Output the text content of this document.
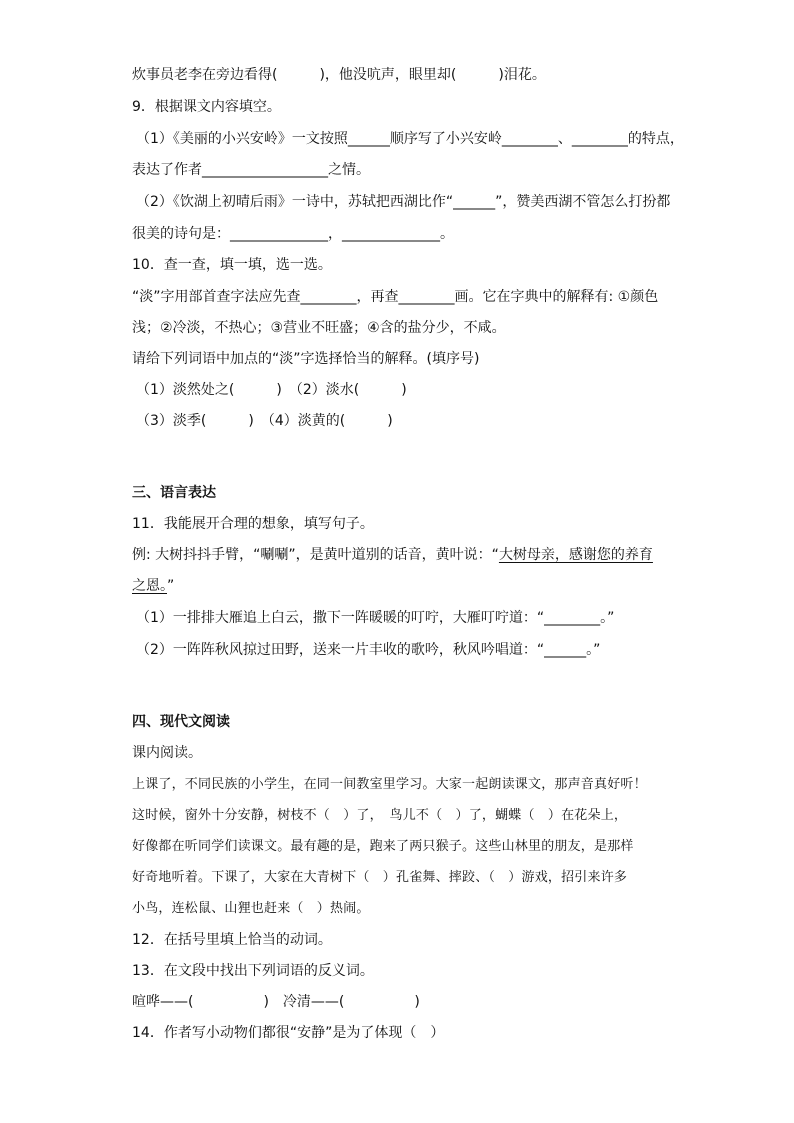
炊事员老李在旁边看得(　　　)，他没吭声，眼里却(　　　)泪花。
9．根据课文内容填空。
（1）《美丽的小兴安岭》一文按照______顺序写了小兴安岭________、________的特点，
表达了作者__________________之情。
（2）《饮湖上初晴后雨》一诗中，苏轼把西湖比作“______”，赞美西湖不管怎么打扮都
很美的诗句是：______________，______________。
10．查一查，填一填，选一选。
“淡”字用部首查字法应先查________，再查________画。它在字典中的解释有: ①颜色
浅；②冷淡，不热心；③营业不旺盛；④含的盐分少，不咸。
请给下列词语中加点的“淡”字选择恰当的解释。(填序号)
（1）淡然处之(　　　)　（2）淡水(　　　)
（3）淡季(　　　)　（4）淡黄的(　　　)
三、语言表达
11．我能展开合理的想象，填写句子。
例: 大树抖抖手臂，“唰唰”，是黄叶道别的话音，黄叶说：“大树母亲，感谢您的养育
之恩。”
（1）一排排大雁追上白云，撒下一阵暖暖的叮咛，大雁叮咛道：“________。”
（2）一阵阵秋风掠过田野，送来一片丰收的歌吟，秋风吟唱道：“______。”
四、现代文阅读
课内阅读。
上课了，不同民族的小学生，在同一间教室里学习。大家一起朗读课文，那声音真好听！
这时候，窗外十分安静，树枝不（　）了，　鸟儿不（　）了，蝴蝶（　）在花朵上，
好像都在听同学们读课文。最有趣的是，跑来了两只猴子。这些山林里的朋友，是那样
好奇地听着。下课了，大家在大青树下（　）孔雀舞、摔跤、（　）游戏，招引来许多
小鸟，连松鼠、山狸也赶来（　）热闹。
12．在括号里填上恰当的动词。
13．在文段中找出下列词语的反义词。
喧哗——(　　　　　)　冷清——(　　　　　)
14．作者写小动物们都很“安静”是为了体现（　）
